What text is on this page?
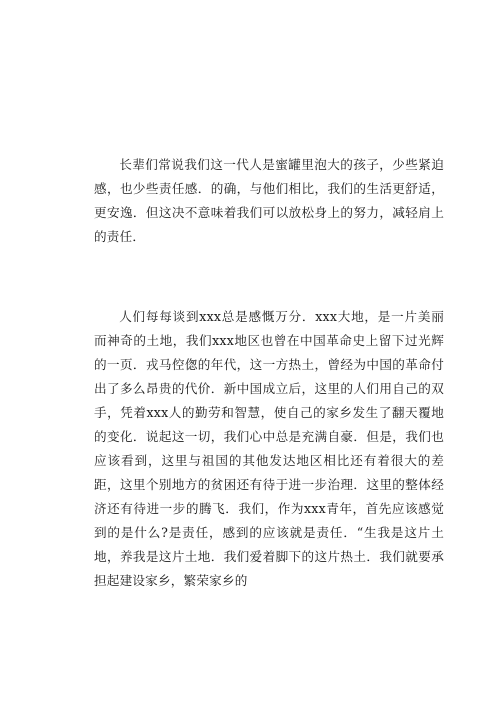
长辈们常说我们这一代人是蜜罐里泡大的孩子，少些紧迫感，也少些责任感．的确，与他们相比，我们的生活更舒适，更安逸．但这决不意味着我们可以放松身上的努力，减轻肩上的责任．

人们每每谈到xxx总是感慨万分．xxx大地，是一片美丽而神奇的土地，我们xxx地区也曾在中国革命史上留下过光辉的一页．戎马倥偬的年代，这一方热土，曾经为中国的革命付出了多么昂贵的代价．新中国成立后，这里的人们用自己的双手，凭着xxx人的勤劳和智慧，使自己的家乡发生了翻天覆地的变化．说起这一切，我们心中总是充满自豪．但是，我们也应该看到，这里与祖国的其他发达地区相比还有着很大的差距，这里个别地方的贫困还有待于进一步治理．这里的整体经济还有待进一步的腾飞．我们，作为xxx青年，首先应该感觉到的是什么?是责任，感到的应该就是责任．“生我是这片土地，养我是这片土地．我们爱着脚下的这片热土．我们就要承担起建设家乡，繁荣家乡的
